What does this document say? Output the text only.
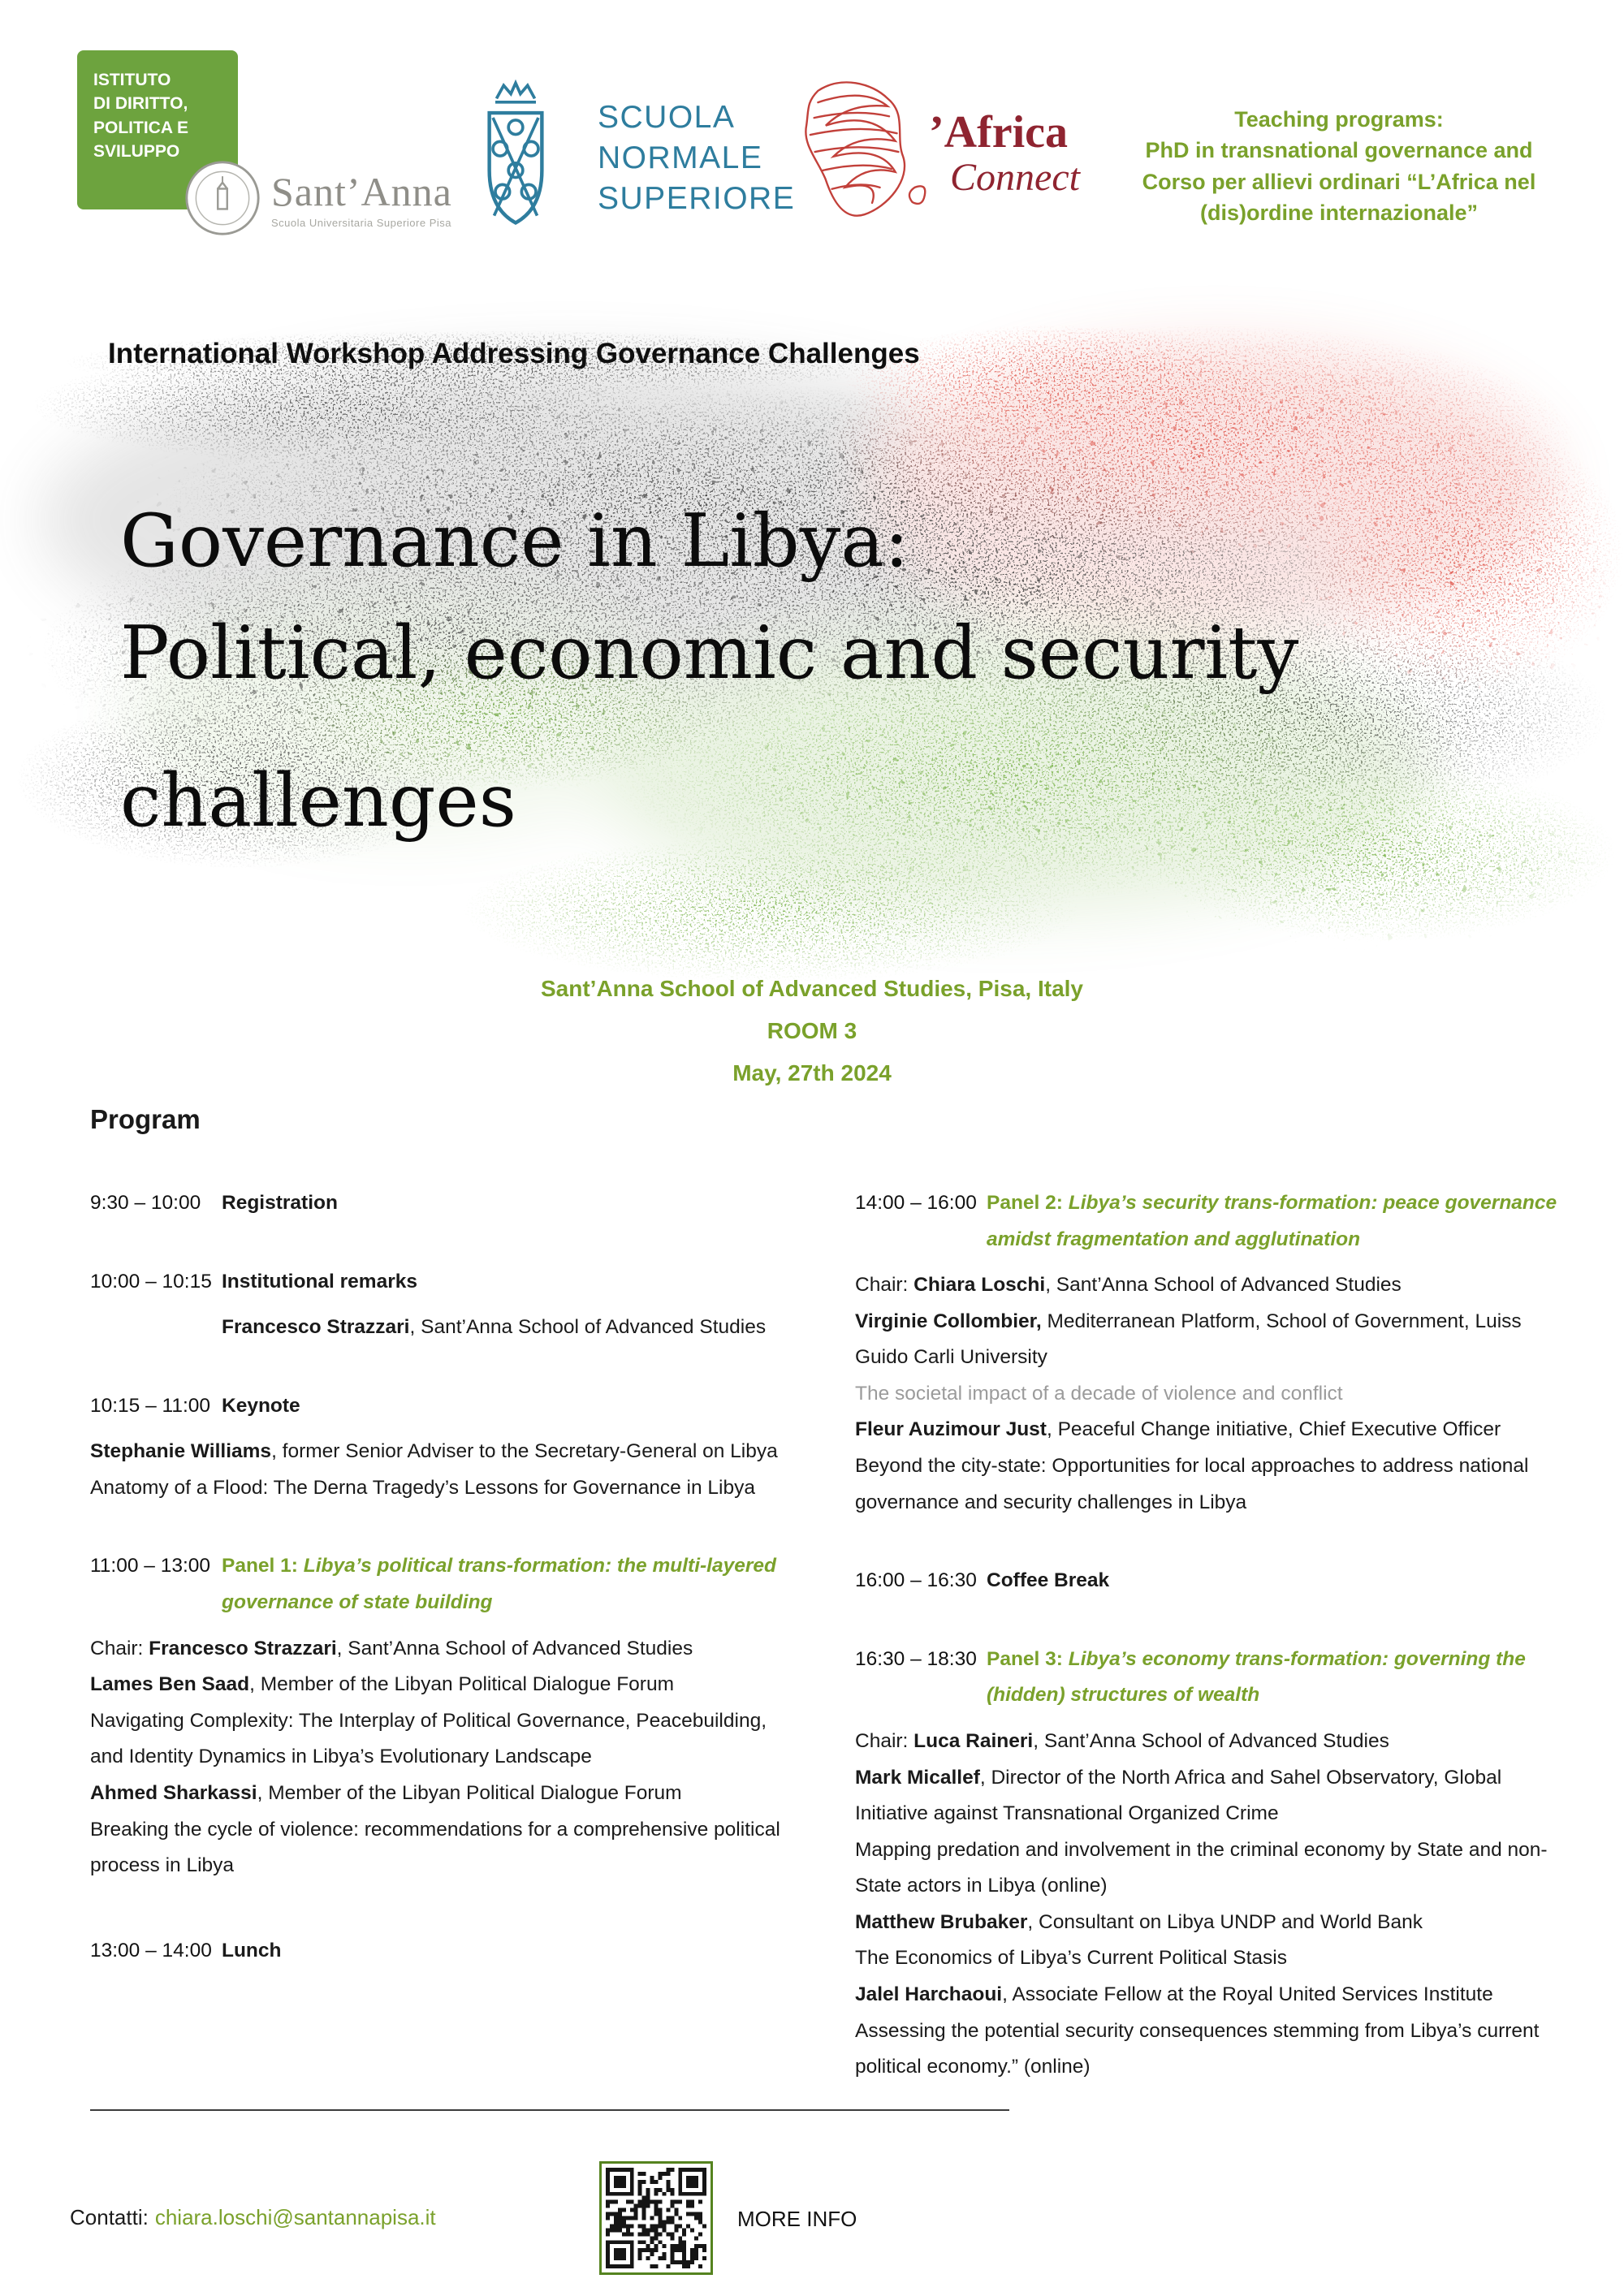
ISTITUTO
DI DIRITTO,
POLITICA E
SVILUPPO
Sant’Anna
Scuola Universitaria Superiore Pisa
SCUOLA
NORMALE
SUPERIORE
’Africa
Connect
Teaching programs:
PhD in transnational governance and
Corso per allievi ordinari “L’Africa nel
(dis)ordine internazionale”
International Workshop Addressing Governance Challenges
Governance in Libya:
Political, economic and security
challenges
Sant’Anna School of Advanced Studies, Pisa, Italy
ROOM 3
May, 27th 2024
Program
9:30 – 10:00	Registration
10:00 – 10:15 Institutional remarks

Francesco Strazzari, Sant’Anna School of Advanced Studies

10:15 – 11:00 Keynote

Stephanie Williams, former Senior Adviser to the Secretary-General on Libya

Anatomy of a Flood: The Derna Tragedy’s Lessons for Governance in Libya

11:00 – 13:00 Panel 1: Libya’s political trans-formation: the multi-layered
governance of state building

Chair: Francesco Strazzari, Sant’Anna School of Advanced Studies

Lames Ben Saad, Member of the Libyan Political Dialogue Forum

Navigating Complexity: The Interplay of Political Governance, Peacebuilding, and Identity Dynamics in Libya’s Evolutionary Landscape

Ahmed Sharkassi, Member of the Libyan Political Dialogue Forum

Breaking the cycle of violence: recommendations for a comprehensive political process in Libya

13:00 – 14:00 Lunch
14:00 – 16:00 Panel 2: Libya’s security trans-formation: peace governance
amidst fragmentation and agglutination

Chair: Chiara Loschi, Sant’Anna School of Advanced Studies

Virginie Collombier, Mediterranean Platform, School of Government, Luiss Guido Carli University

The societal impact of a decade of violence and conflict

Fleur Auzimour Just, Peaceful Change initiative, Chief Executive Officer

Beyond the city-state: Opportunities for local approaches to address national governance and security challenges in Libya

16:00 – 16:30 Coffee Break
16:30 – 18:30 Panel 3: Libya’s economy trans-formation: governing the
(hidden) structures of wealth

Chair: Luca Raineri, Sant’Anna School of Advanced Studies

Mark Micallef, Director of the North Africa and Sahel Observatory, Global Initiative against Transnational Organized Crime

Mapping predation and involvement in the criminal economy by State and non-State actors in Libya (online)

Matthew Brubaker, Consultant on Libya UNDP and World Bank

The Economics of Libya’s Current Political Stasis

Jalel Harchaoui, Associate Fellow at the Royal United Services Institute

Assessing the potential security consequences stemming from Libya’s current political economy.” (online)

Contatti: chiara.loschi@santannapisa.it	MORE INFO
